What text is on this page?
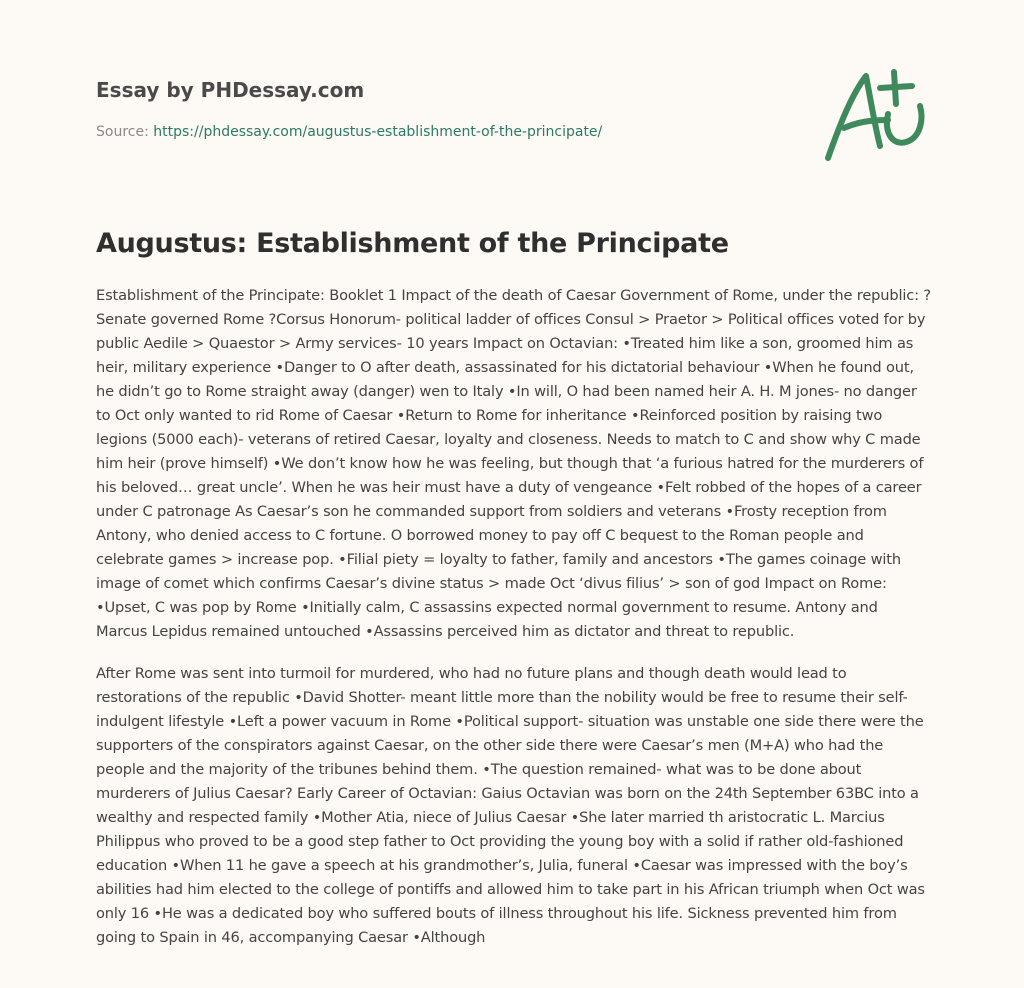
Essay by PHDessay.com
Source: https://phdessay.com/augustus-establishment-of-the-principate/
Augustus: Establishment of the Principate

Establishment of the Principate: Booklet 1 Impact of the death of Caesar Government of Rome, under the republic: ?Senate governed Rome ?Corsus Honorum- political ladder of offices Consul > Praetor > Political offices voted for by public Aedile > Quaestor > Army services- 10 years Impact on Octavian: •Treated him like a son, groomed him as heir, military experience •Danger to O after death, assassinated for his dictatorial behaviour •When he found out, he didn’t go to Rome straight away (danger) wen to Italy •In will, O had been named heir A. H. M jones- no danger to Oct only wanted to rid Rome of Caesar •Return to Rome for inheritance •Reinforced position by raising two legions (5000 each)- veterans of retired Caesar, loyalty and closeness. Needs to match to C and show why C made him heir (prove himself) •We don’t know how he was feeling, but though that ‘a furious hatred for the murderers of his beloved… great uncle’. When he was heir must have a duty of vengeance •Felt robbed of the hopes of a career under C patronage As Caesar’s son he commanded support from soldiers and veterans •Frosty reception from Antony, who denied access to C fortune. O borrowed money to pay off C bequest to the Roman people and celebrate games > increase pop. •Filial piety = loyalty to father, family and ancestors •The games coinage with image of comet which confirms Caesar’s divine status > made Oct ‘divus filius’ > son of god Impact on Rome: •Upset, C was pop by Rome •Initially calm, C assassins expected normal government to resume. Antony and Marcus Lepidus remained untouched •Assassins perceived him as dictator and threat to republic.

After Rome was sent into turmoil for murdered, who had no future plans and though death would lead to restorations of the republic •David Shotter- meant little more than the nobility would be free to resume their self-indulgent lifestyle •Left a power vacuum in Rome •Political support- situation was unstable one side there were the supporters of the conspirators against Caesar, on the other side there were Caesar’s men (M+A) who had the people and the majority of the tribunes behind them. •The question remained- what was to be done about murderers of Julius Caesar? Early Career of Octavian: Gaius Octavian was born on the 24th September 63BC into a wealthy and respected family •Mother Atia, niece of Julius Caesar •She later married th aristocratic L. Marcius Philippus who proved to be a good step father to Oct providing the young boy with a solid if rather old-fashioned education •When 11 he gave a speech at his grandmother’s, Julia, funeral •Caesar was impressed with the boy’s abilities had him elected to the college of pontiffs and allowed him to take part in his African triumph when Oct was only 16 •He was a dedicated boy who suffered bouts of illness throughout his life. Sickness prevented him from going to Spain in 46, accompanying Caesar •Although
